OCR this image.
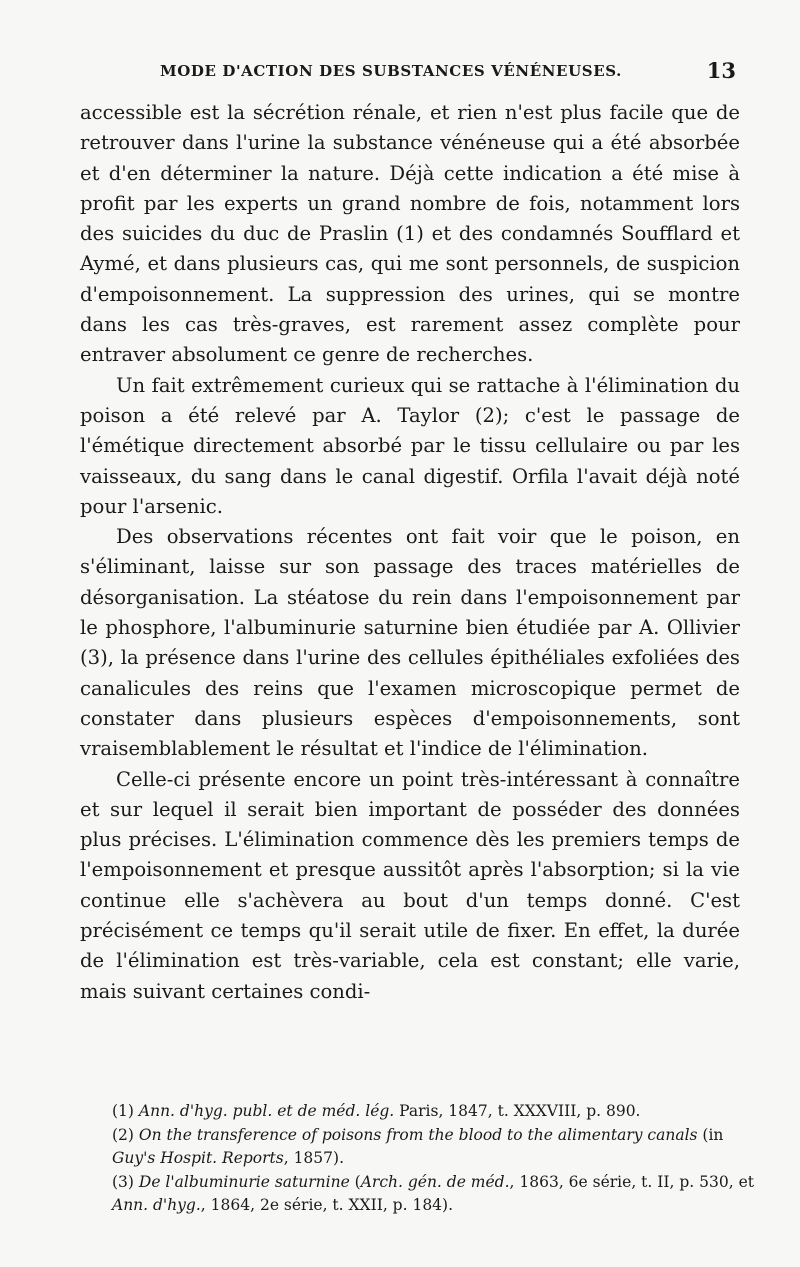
MODE D'ACTION DES SUBSTANCES VÉNÉNEUSES.	13

accessible est la sécrétion rénale, et rien n'est plus facile que de retrouver dans l'urine la substance vénéneuse qui a été absorbée et d'en déterminer la nature. Déjà cette indication a été mise à profit par les experts un grand nombre de fois, notamment lors des suicides du duc de Praslin (1) et des condamnés Soufflard et Aymé, et dans plusieurs cas, qui me sont personnels, de suspicion d'empoisonnement. La suppression des urines, qui se montre dans les cas très-graves, est rarement assez complète pour entraver absolument ce genre de recherches.

Un fait extrêmement curieux qui se rattache à l'élimination du poison a été relevé par A. Taylor (2); c'est le passage de l'émétique directement absorbé par le tissu cellulaire ou par les vaisseaux, du sang dans le canal digestif. Orfila l'avait déjà noté pour l'arsenic.

Des observations récentes ont fait voir que le poison, en s'éliminant, laisse sur son passage des traces matérielles de désorganisation. La stéatose du rein dans l'empoisonnement par le phosphore, l'albuminurie saturnine bien étudiée par A. Ollivier (3), la présence dans l'urine des cellules épithéliales exfoliées des canalicules des reins que l'examen microscopique permet de constater dans plusieurs espèces d'empoisonnements, sont vraisemblablement le résultat et l'indice de l'élimination.

Celle-ci présente encore un point très-intéressant à connaître et sur lequel il serait bien important de posséder des données plus précises. L'élimination commence dès les premiers temps de l'empoisonnement et presque aussitôt après l'absorption; si la vie continue elle s'achèvera au bout d'un temps donné. C'est précisément ce temps qu'il serait utile de fixer. En effet, la durée de l'élimination est très-variable, cela est constant; elle varie, mais suivant certaines condi-

(1) Ann. d'hyg. publ. et de méd. lég. Paris, 1847, t. XXXVIII, p. 890.

(2) On the transference of poisons from the blood to the alimentary canals (in Guy's Hospit. Reports, 1857).

(3) De l'albuminurie saturnine (Arch. gén. de méd., 1863, 6e série, t. II, p. 530, et Ann. d'hyg., 1864, 2e série, t. XXII, p. 184).
